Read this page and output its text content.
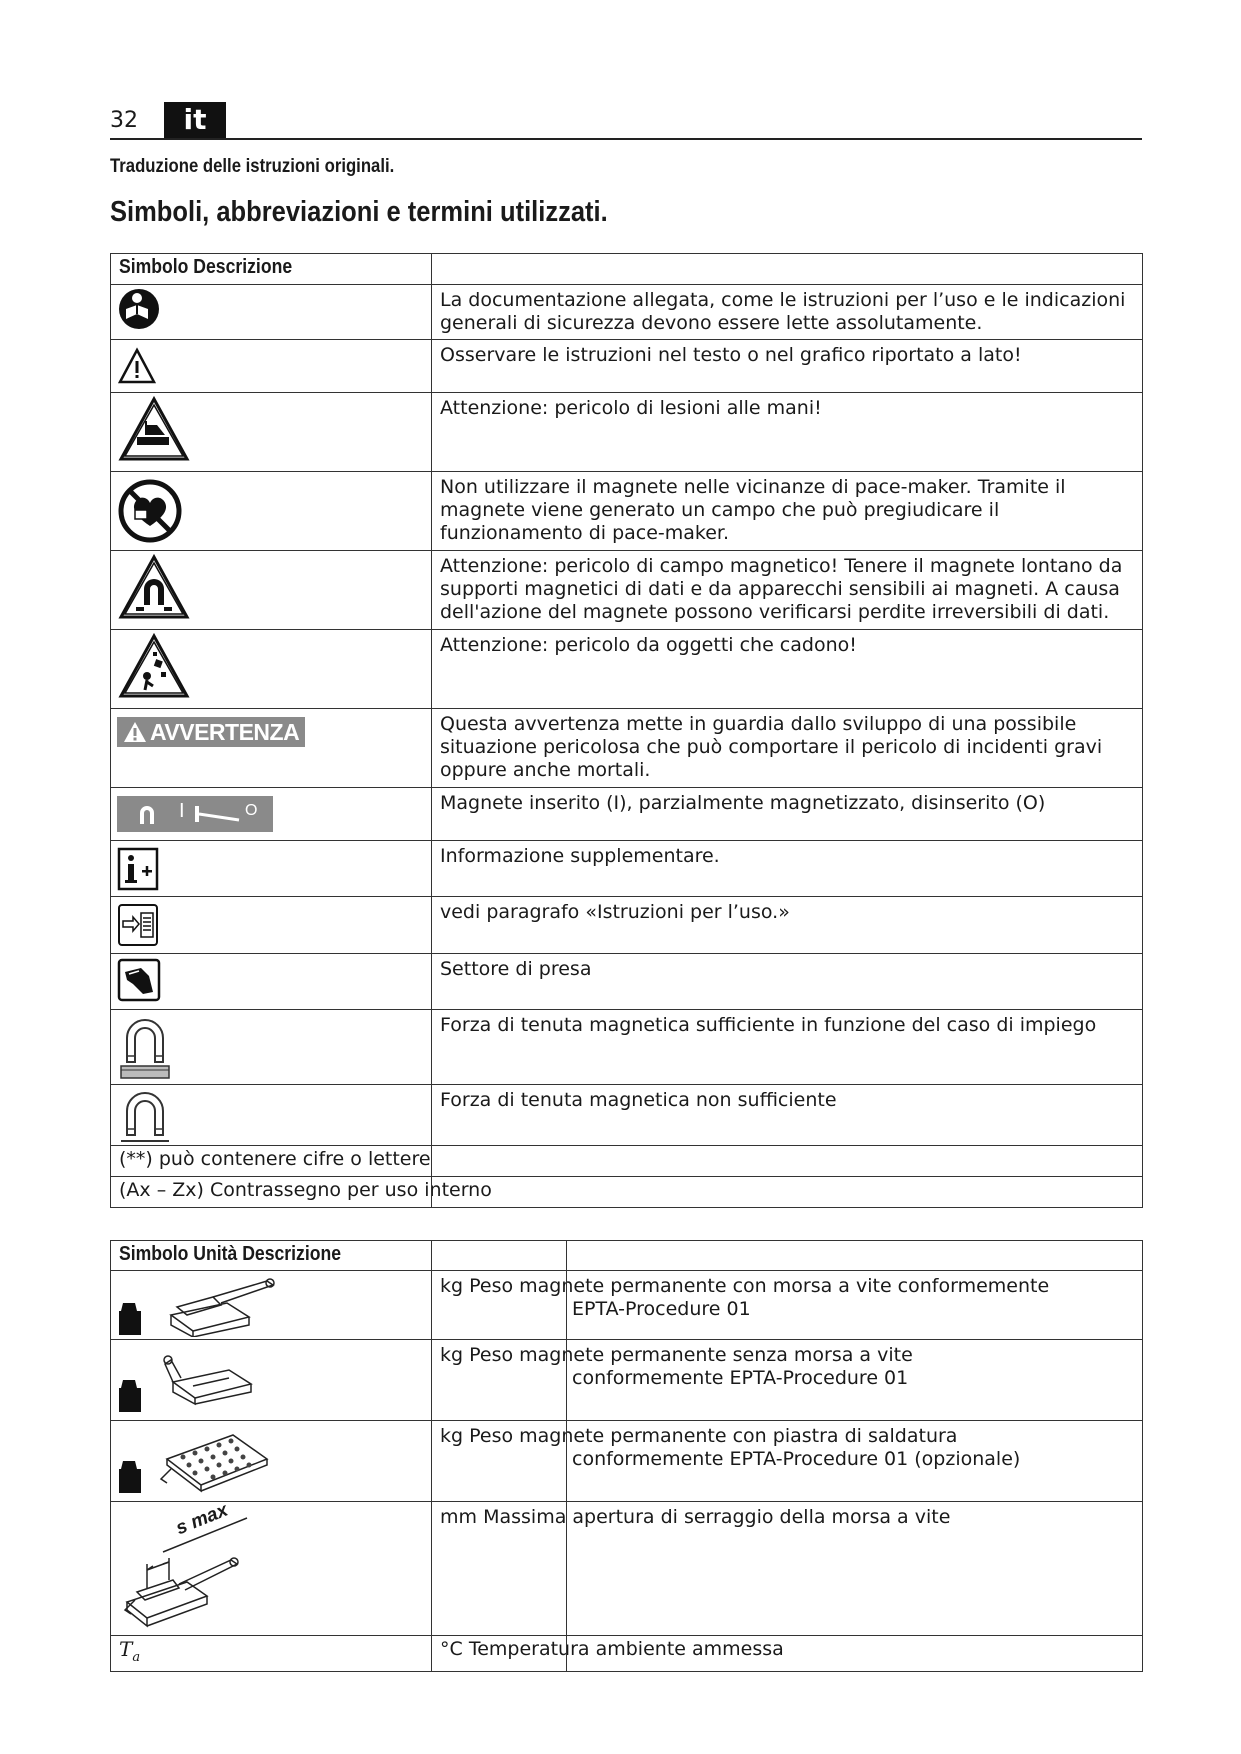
32	it
Traduzione delle istruzioni originali.
Simboli, abbreviazioni e termini utilizzati.
Simbolo Descrizione	

	La documentazione allegata, come le istruzioni per l’uso e le indicazioni generali di sicurezza devono essere lette assolutamente.

	Osservare le istruzioni nel testo o nel grafico riportato a lato!

	Attenzione: pericolo di lesioni alle mani!

	Non utilizzare il magnete nelle vicinanze di pace-maker. Tramite il magnete viene generato un campo che può pregiudicare il funzionamento di pace-maker.

	Attenzione: pericolo di campo magnetico! Tenere il magnete lontano da supporti magnetici di dati e da apparecchi sensibili ai magneti. A causa dell'azione del magnete possono verificarsi perdite irreversibili di dati.

	Attenzione: pericolo da oggetti che cadono!

AVVERTENZA	Questa avvertenza mette in guardia dallo sviluppo di una possibile situazione pericolosa che può comportare il pericolo di incidenti gravi oppure anche mortali.

I O	Magnete inserito (I), parzialmente magnetizzato, disinserito (O)

	Informazione supplementare.

	vedi paragrafo «Istruzioni per l’uso.»

	Settore di presa

	Forza di tenuta magnetica sufficiente in funzione del caso di impiego

	Forza di tenuta magnetica non sufficiente
(**) può contenere cifre o lettere	
(Ax – Zx) Contrassegno per uso interno	
Simbolo Unità Descrizione	

kg Peso magnete permanente con morsa a vite conformemente
EPTA-Procedure 01

kg Peso magnete permanente senza morsa a vite
conformemente EPTA-Procedure 01

kg Peso magnete permanente con piastra di saldatura
conformemente EPTA-Procedure 01 (opzionale)

s max	mm Massima apertura di serraggio della morsa a vite

$T_a$	°C Temperatura ambiente ammessa
